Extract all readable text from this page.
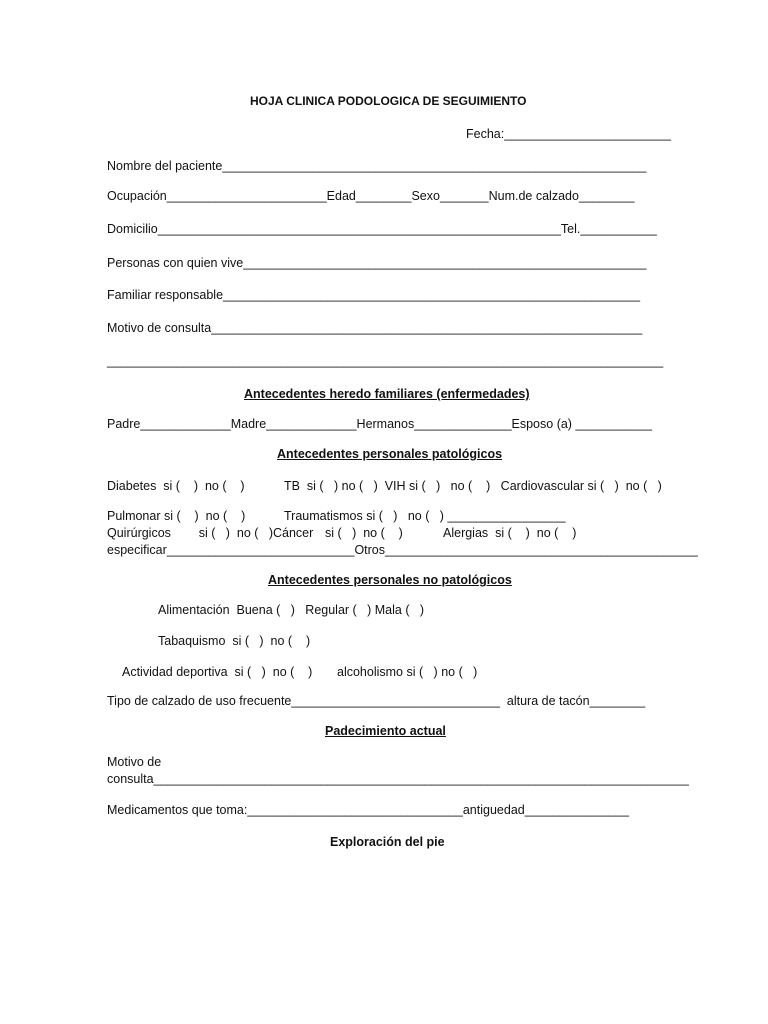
HOJA CLINICA PODOLOGICA DE SEGUIMIENTO
Fecha:________________________
Nombre del paciente_____________________________________________________________
Ocupación_______________________Edad________Sexo_______Num.de calzado________
Domicilio__________________________________________________________Tel.___________
Personas con quien vive__________________________________________________________
Familiar responsable____________________________________________________________
Motivo de consulta______________________________________________________________
________________________________________________________________________________
Antecedentes heredo familiares (enfermedades)
Padre_____________Madre_____________Hermanos______________Esposo (a) ___________
Antecedentes personales patológicos
Diabetes  si (    )  no (    )	TB  si (   ) no (   )  VIH si (   )   no (    )   Cardiovascular si (   )  no (   )
Pulmonar si (    )  no (    )	Traumatismos si (   )   no (   ) _________________
Quirúrgicos        si (   )  no (   )Cáncer si (   )  no (    )	Alergias  si (    )  no (    )
especificar___________________________Otros_____________________________________________
Antecedentes personales no patológicos
Alimentación  Buena (   )   Regular (   ) Mala (   )
Tabaquismo  si (   )  no (    )
Actividad deportiva  si (   )  no (    ) alcoholismo si (   ) no (   )
Tipo de calzado de uso frecuente______________________________  altura de tacón________
Padecimiento actual
Motivo de
consulta_____________________________________________________________________________
Medicamentos que toma:_______________________________antiguedad_______________
Exploración del pie
